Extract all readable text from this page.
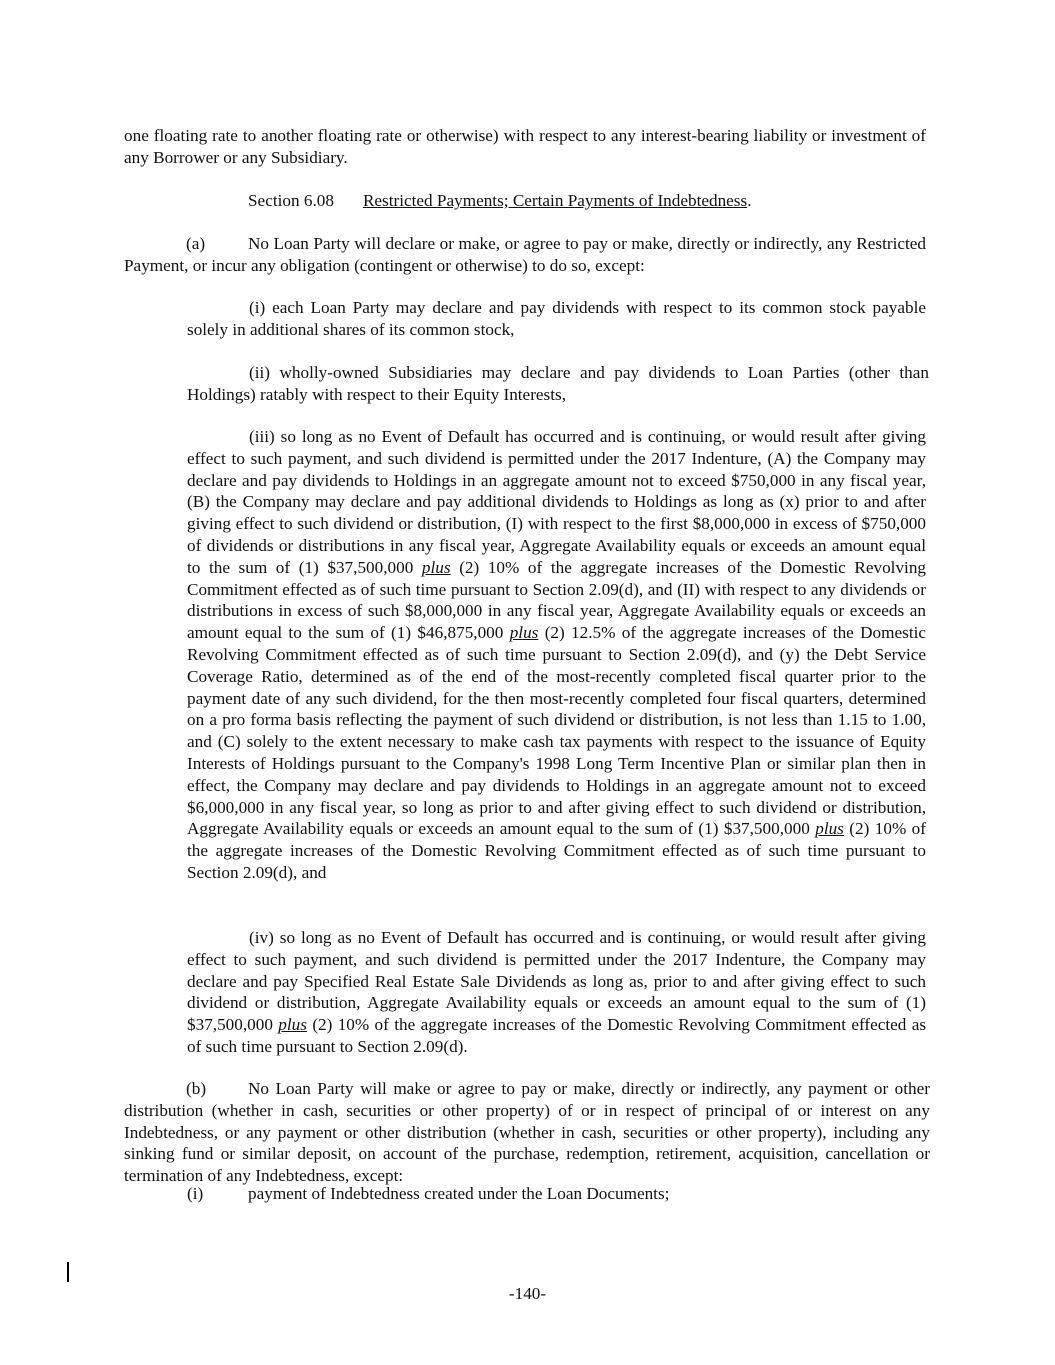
one floating rate to another floating rate or otherwise) with respect to any interest-bearing liability or investment of any Borrower or any Subsidiary.

Section 6.08 Restricted Payments; Certain Payments of Indebtedness.

(a) No Loan Party will declare or make, or agree to pay or make, directly or indirectly, any Restricted Payment, or incur any obligation (contingent or otherwise) to do so, except:

(i) each Loan Party may declare and pay dividends with respect to its common stock payable solely in additional shares of its common stock,

(ii) wholly-owned Subsidiaries may declare and pay dividends to Loan Parties (other than Holdings) ratably with respect to their Equity Interests,

(iii) so long as no Event of Default has occurred and is continuing, or would result after giving effect to such payment, and such dividend is permitted under the 2017 Indenture, (A) the Company may declare and pay dividends to Holdings in an aggregate amount not to exceed $750,000 in any fiscal year, (B) the Company may declare and pay additional dividends to Holdings as long as (x) prior to and after giving effect to such dividend or distribution, (I) with respect to the first $8,000,000 in excess of $750,000 of dividends or distributions in any fiscal year, Aggregate Availability equals or exceeds an amount equal to the sum of (1) $37,500,000 plus (2) 10% of the aggregate increases of the Domestic Revolving Commitment effected as of such time pursuant to Section 2.09(d), and (II) with respect to any dividends or distributions in excess of such $8,000,000 in any fiscal year, Aggregate Availability equals or exceeds an amount equal to the sum of (1) $46,875,000 plus (2) 12.5% of the aggregate increases of the Domestic Revolving Commitment effected as of such time pursuant to Section 2.09(d), and (y) the Debt Service Coverage Ratio, determined as of the end of the most-recently completed fiscal quarter prior to the payment date of any such dividend, for the then most-recently completed four fiscal quarters, determined on a pro forma basis reflecting the payment of such dividend or distribution, is not less than 1.15 to 1.00, and (C) solely to the extent necessary to make cash tax payments with respect to the issuance of Equity Interests of Holdings pursuant to the Company's 1998 Long Term Incentive Plan or similar plan then in effect, the Company may declare and pay dividends to Holdings in an aggregate amount not to exceed $6,000,000 in any fiscal year, so long as prior to and after giving effect to such dividend or distribution, Aggregate Availability equals or exceeds an amount equal to the sum of (1) $37,500,000 plus (2) 10% of the aggregate increases of the Domestic Revolving Commitment effected as of such time pursuant to Section 2.09(d), and

(iv) so long as no Event of Default has occurred and is continuing, or would result after giving effect to such payment, and such dividend is permitted under the 2017 Indenture, the Company may declare and pay Specified Real Estate Sale Dividends as long as, prior to and after giving effect to such dividend or distribution, Aggregate Availability equals or exceeds an amount equal to the sum of (1) $37,500,000 plus (2) 10% of the aggregate increases of the Domestic Revolving Commitment effected as of such time pursuant to Section 2.09(d).

(b) No Loan Party will make or agree to pay or make, directly or indirectly, any payment or other distribution (whether in cash, securities or other property) of or in respect of principal of or interest on any Indebtedness, or any payment or other distribution (whether in cash, securities or other property), including any sinking fund or similar deposit, on account of the purchase, redemption, retirement, acquisition, cancellation or termination of any Indebtedness, except:

(i)	payment of Indebtedness created under the Loan Documents;
-140-
